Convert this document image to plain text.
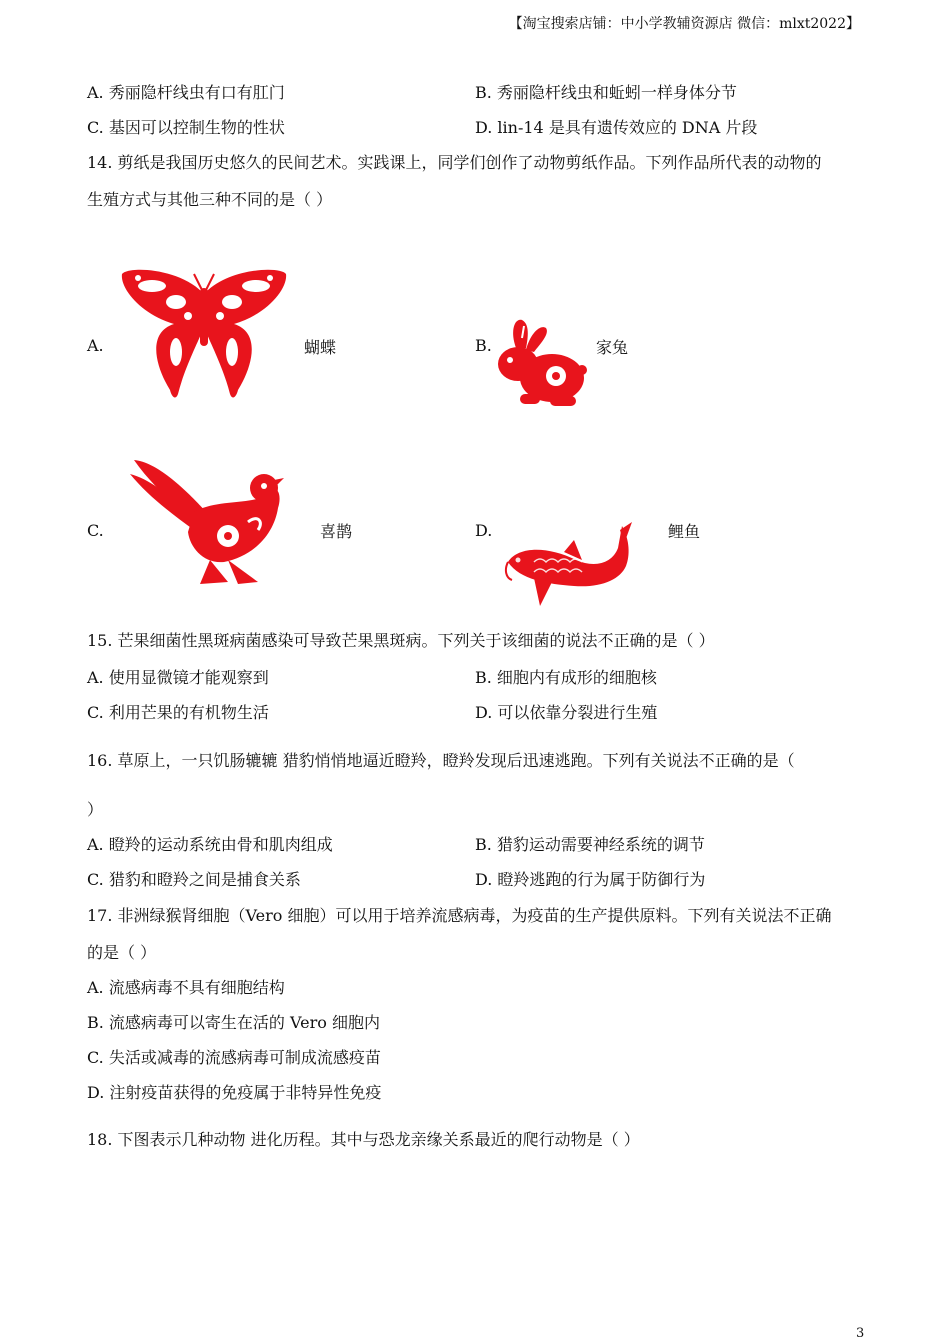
【淘宝搜索店铺：中小学教辅资源店 微信：mlxt2022】
A. 秀丽隐杆线虫有口有肛门	B. 秀丽隐杆线虫和蚯蚓一样身体分节
C. 基因可以控制生物的性状	D. lin-14 是具有遗传效应的 DNA 片段
14. 剪纸是我国历史悠久的民间艺术。实践课上，同学们创作了动物剪纸作品。下列作品所代表的动物的
生殖方式与其他三种不同的是（ ）
A.	蝴蝶	B.	家兔
C.	喜鹊	D.	鲤鱼
15. 芒果细菌性黑斑病菌感染可导致芒果黑斑病。下列关于该细菌的说法不正确的是（ ）
A. 使用显微镜才能观察到	B. 细胞内有成形的细胞核
C. 利用芒果的有机物生活	D. 可以依靠分裂进行生殖
16. 草原上，一只饥肠辘辘 猎豹悄悄地逼近瞪羚，瞪羚发现后迅速逃跑。下列有关说法不正确的是（
）
A. 瞪羚的运动系统由骨和肌肉组成	B. 猎豹运动需要神经系统的调节
C. 猎豹和瞪羚之间是捕食关系	D. 瞪羚逃跑的行为属于防御行为
17. 非洲绿猴肾细胞（Vero 细胞）可以用于培养流感病毒，为疫苗的生产提供原料。下列有关说法不正确
的是（ ）
A. 流感病毒不具有细胞结构
B. 流感病毒可以寄生在活的 Vero 细胞内
C. 失活或减毒的流感病毒可制成流感疫苗
D. 注射疫苗获得的免疫属于非特异性免疫
18. 下图表示几种动物 进化历程。其中与恐龙亲缘关系最近的爬行动物是（ ）
3
